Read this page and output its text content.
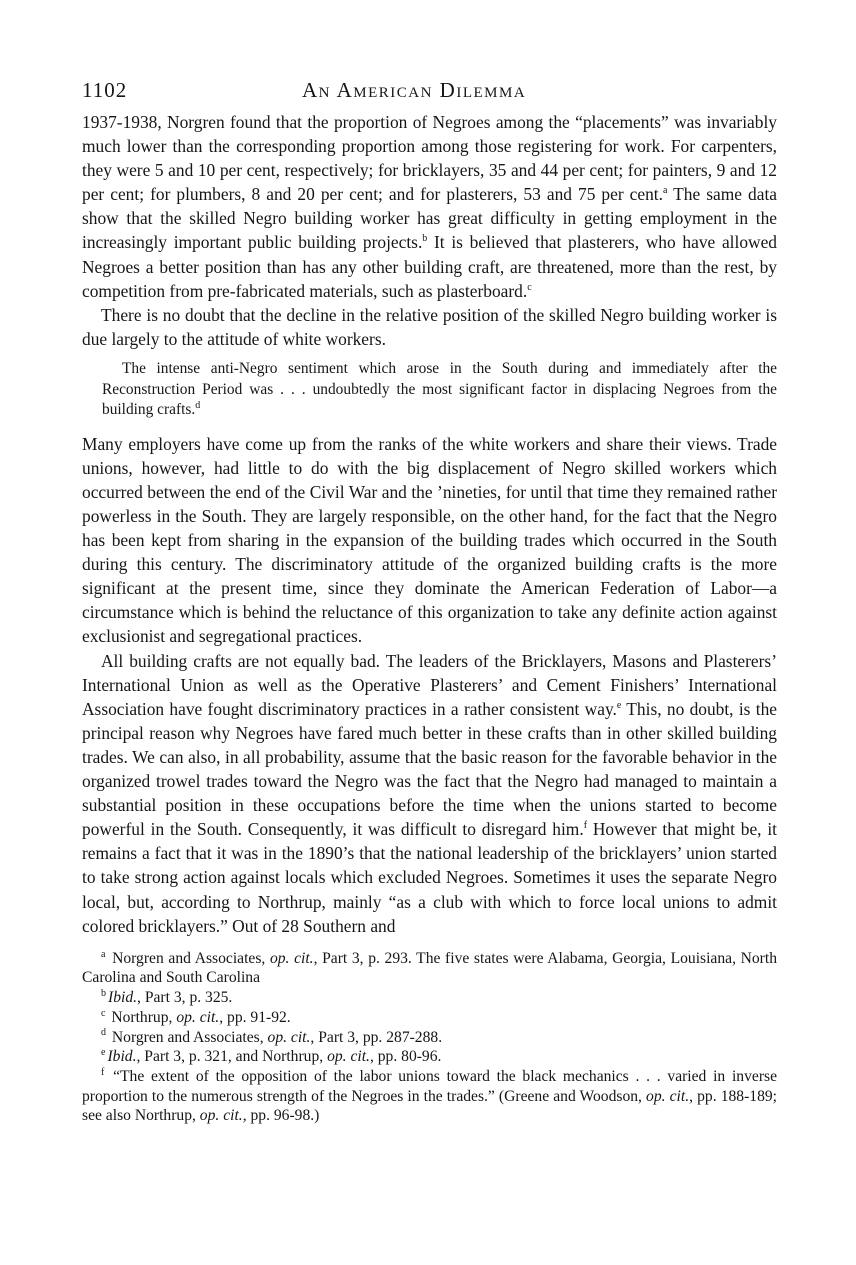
1102	An American Dilemma

1937-1938, Norgren found that the proportion of Negroes among the “placements” was invariably much lower than the corresponding proportion among those registering for work. For carpenters, they were 5 and 10 per cent, respectively; for bricklayers, 35 and 44 per cent; for painters, 9 and 12 per cent; for plumbers, 8 and 20 per cent; and for plasterers, 53 and 75 per cent.$^a$ The same data show that the skilled Negro building worker has great difficulty in getting employment in the increasingly important public building projects.$^b$ It is believed that plasterers, who have allowed Negroes a better position than has any other building craft, are threatened, more than the rest, by competition from pre-fabricated materials, such as plasterboard.$^c$

There is no doubt that the decline in the relative position of the skilled Negro building worker is due largely to the attitude of white workers.

The intense anti-Negro sentiment which arose in the South during and immediately after the Reconstruction Period was . . . undoubtedly the most significant factor in displacing Negroes from the building crafts.$^d$

Many employers have come up from the ranks of the white workers and share their views. Trade unions, however, had little to do with the big displacement of Negro skilled workers which occurred between the end of the Civil War and the ’nineties, for until that time they remained rather powerless in the South. They are largely responsible, on the other hand, for the fact that the Negro has been kept from sharing in the expansion of the building trades which occurred in the South during this century. The discriminatory attitude of the organized building crafts is the more significant at the present time, since they dominate the American Federation of Labor—a circumstance which is behind the reluctance of this organization to take any definite action against exclusionist and segregational practices.

All building crafts are not equally bad. The leaders of the Bricklayers, Masons and Plasterers’ International Union as well as the Operative Plasterers’ and Cement Finishers’ International Association have fought discriminatory practices in a rather consistent way.$^e$ This, no doubt, is the principal reason why Negroes have fared much better in these crafts than in other skilled building trades. We can also, in all probability, assume that the basic reason for the favorable behavior in the organized trowel trades toward the Negro was the fact that the Negro had managed to maintain a substantial position in these occupations before the time when the unions started to become powerful in the South. Consequently, it was difficult to disregard him.$^f$ However that might be, it remains a fact that it was in the 1890’s that the national leadership of the bricklayers’ union started to take strong action against locals which excluded Negroes. Sometimes it uses the separate Negro local, but, according to Northrup, mainly “as a club with which to force local unions to admit colored bricklayers.” Out of 28 Southern and

$^a$ Norgren and Associates, op. cit., Part 3, p. 293. The five states were Alabama, Georgia, Louisiana, North Carolina and South Carolina

$^b$ Ibid., Part 3, p. 325.

$^c$ Northrup, op. cit., pp. 91-92.

$^d$ Norgren and Associates, op. cit., Part 3, pp. 287-288.

$^e$ Ibid., Part 3, p. 321, and Northrup, op. cit., pp. 80-96.

$^f$ “The extent of the opposition of the labor unions toward the black mechanics . . . varied in inverse proportion to the numerous strength of the Negroes in the trades.” (Greene and Woodson, op. cit., pp. 188-189; see also Northrup, op. cit., pp. 96-98.)
